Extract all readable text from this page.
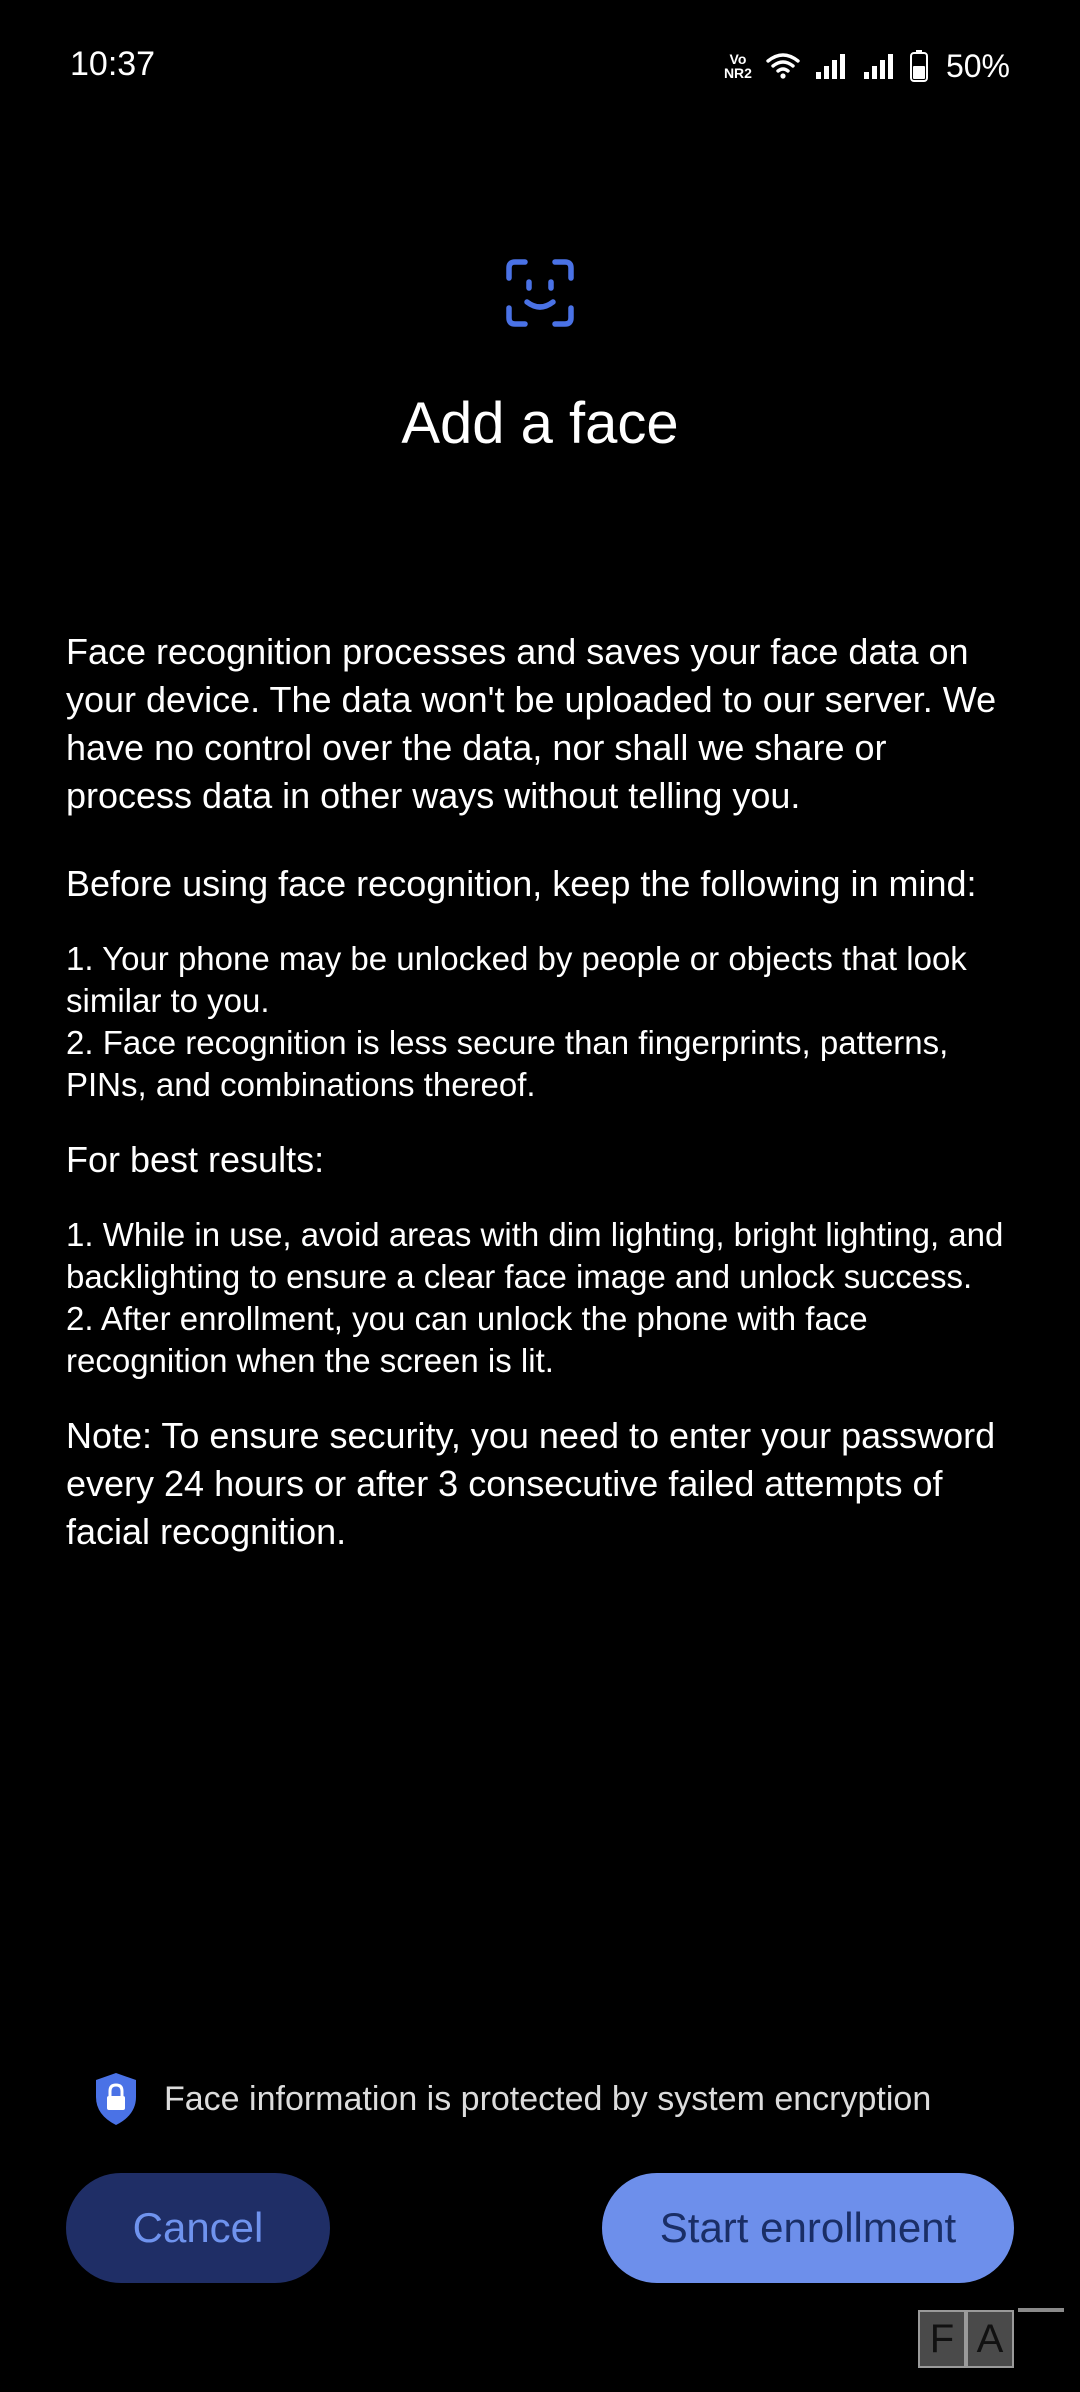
10:37	Vo
NR2	50%
Add a face

Face recognition processes and saves your face data on your device. The data won't be uploaded to our server. We have no control over the data, nor shall we share or process data in other ways without telling you.

Before using face recognition, keep the following in mind:

1. Your phone may be unlocked by people or objects that look similar to you.

2. Face recognition is less secure than fingerprints, patterns, PINs, and combinations thereof.

For best results:

1. While in use, avoid areas with dim lighting, bright lighting, and backlighting to ensure a clear face image and unlock success.

2. After enrollment, you can unlock the phone with face recognition when the screen is lit.

Note: To ensure security, you need to enter your password every 24 hours or after 3 consecutive failed attempts of facial recognition.

Face information is protected by system encryption
Cancel	Start enrollment
F A
